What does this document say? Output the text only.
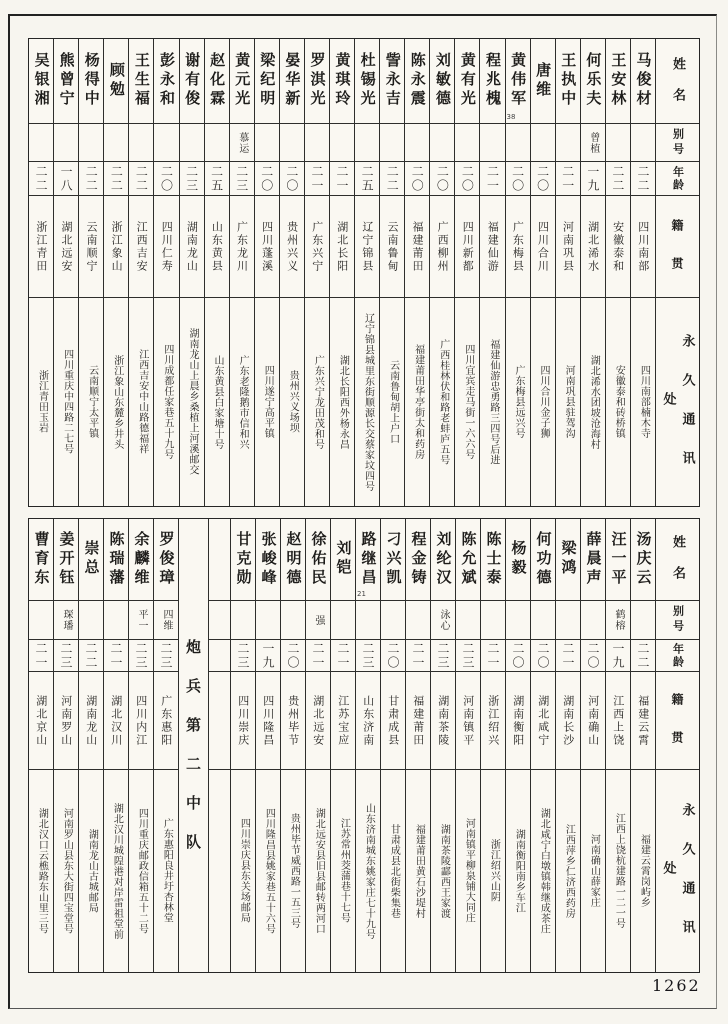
姓名
别号
年龄
籍贯
永久通讯处
马俊材
二二
四川南部
四川南部楠木寺
王安林
二二
安徽泰和
安徽泰和砖桥镇
何乐夫
曾植
一九
湖北浠水
湖北浠水团坡沧海村
王执中
二一
河南巩县
河南巩县驻驾沟
唐维
二〇
四川合川
四川合川金子狮
黄伟军
38
二〇
广东梅县
广东梅县远兴号
程兆槐
二一
福建仙游
福建仙游忠勇路三四号后进
黄有光
二〇
四川新都
四川宜宾走马街一六六号
刘敏德
二〇
广西柳州
广西桂林伏和路老蚌庐五号
陈永震
二〇
福建莆田
福建莆田华亭街太和药房
訾永吉
二二
云南鲁甸
云南鲁甸胡上户口
杜锡光
二五
辽宁锦县
辽宁锦县城里东街顺源长交蔡家坟四号
黄琪玲
二一
湖北长阳
湖北长阳西外杨永昌
罗淇光
二一
广东兴宁
广东兴宁龙田茂和号
晏华新
二〇
贵州兴义
贵州兴义场坝
梁纪明
二〇
四川蓬溪
四川遂宁高平镇
黄元光
慕运
二三
广东龙川
广东老隆鹅市信和兴
赵化霖
二五
山东黄县
山东黄县白家塘十号
谢有俊
二三
湖南龙山
湖南龙山上晨乡桑植上河溪邮交
彭永和
二〇
四川仁寿
四川成都任家巷五十九号
王生福
二二
江西吉安
江西吉安中山路德福祥
顾勉
二二
浙江象山
浙江象山东麓乡井头
杨得中
二二
云南顺宁
云南顺宁太平镇
熊曾宁
一八
湖北远安
四川重庆中四路二七号
吴银湘
二二
浙江青田
浙江青田玉岩
姓名
别号
年龄
籍贯
永久通讯处
汤庆云
二二
福建云霄
福建云霄岗屿乡
汪一平
鹤榕
一九
江西上饶
江西上饶杭建路一二一号
薛晨声
二〇
河南确山
河南确山薛家庄
梁鸿
二一
湖南长沙
江西萍乡仁济西药房
何功德
二〇
湖北咸宁
湖北咸宁白墩镇韩继成茶庄
杨毅
二〇
湖南衡阳
湖南衡阳南乡车江
陈士泰
二一
浙江绍兴
浙江绍兴山阴
陈允斌
二三
河南镇平
河南镇平柳泉铺大同庄
刘纶汉
泳心
二三
湖南茶陵
湖南茶陵酃西王家渡
程金铸
二一
福建莆田
福建莆田黄石沙堤村
刁兴凯
二〇
甘肃成县
甘肃成县北街柴集巷
路继昌
21
二三
山东济南
山东济南城东姚家庄七十九号
刘铠
二一
江苏宝应
江苏常州茭蒲巷十七号
徐佑民
强
二一
湖北远安
湖北远安县旧县邮转两河口
赵明德
二〇
贵州毕节
贵州毕节威西路一五三号
张峻峰
一九
四川隆昌
四川隆昌县姚家巷五十六号
甘克勋
二三
四川崇庆
四川崇庆县东关场邮局
炮兵第二中队
罗俊璋
四维
二三
广东惠阳
广东惠阳良井圩杏林堂
余麟维
平一
二三
四川内江
四川重庆邮政信箱五十二号
陈瑞藩
二一
湖北汉川
湖北汉川城隍港对岸雷祖堂前
崇总
二二
湖南龙山
湖南龙山古城邮局
姜开钰
琛璠
二三
河南罗山
河南罗山县东大街四宝堂号
曹育东
二一
湖北京山
湖北汉口云樵路东山里三号
1262
